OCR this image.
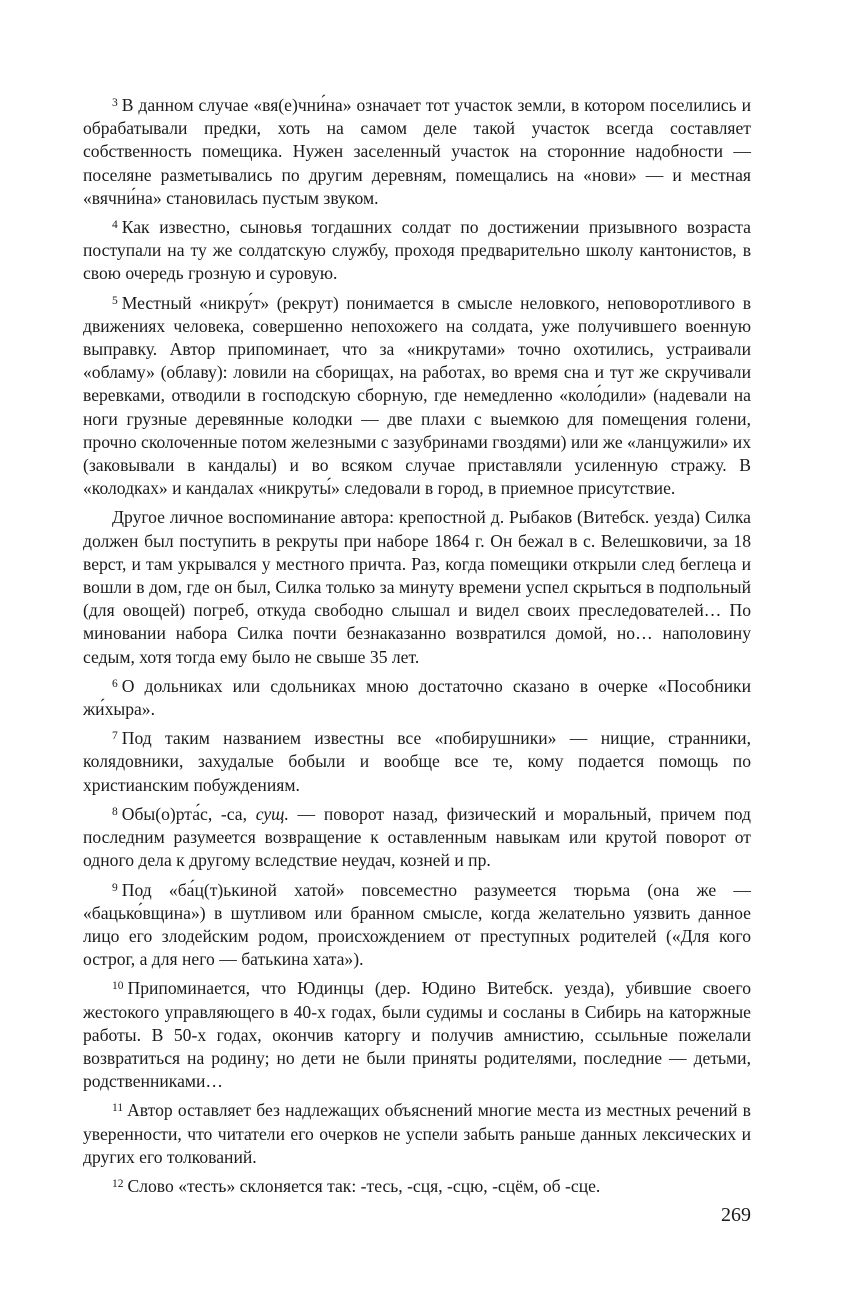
$^3$ В данном случае «вя(е)чни́на» означает тот участок земли, в котором поселились и обрабатывали предки, хоть на самом деле такой участок всегда составляет собственность помещика. Нужен заселенный участок на сторонние надобности — поселяне разметывались по другим деревням, помещались на «нови» — и местная «вячни́на» становилась пустым звуком.

$^4$ Как известно, сыновья тогдашних солдат по достижении призывного возраста поступали на ту же солдатскую службу, проходя предварительно школу кантонистов, в свою очередь грозную и суровую.

$^5$ Местный «никру́т» (рекрут) понимается в смысле неловкого, неповоротливого в движениях человека, совершенно непохожего на солдата, уже получившего военную выправку. Автор припоминает, что за «никрутами» точно охотились, устраивали «обламу» (облаву): ловили на сборищах, на работах, во время сна и тут же скручивали веревками, отводили в господскую сборную, где немедленно «коло́дили» (надевали на ноги грузные деревянные колодки — две плахи с выемкою для помещения голени, прочно сколоченные потом железными с зазубринами гвоздями) или же «ланцужили» их (заковывали в кандалы) и во всяком случае приставляли усиленную стражу. В «колодках» и кандалах «никруты́» следовали в город, в приемное присутствие.

Другое личное воспоминание автора: крепостной д. Рыбаков (Витебск. уезда) Силка должен был поступить в рекруты при наборе 1864 г. Он бежал в с. Велешковичи, за 18 верст, и там укрывался у местного причта. Раз, когда помещики открыли след беглеца и вошли в дом, где он был, Силка только за минуту времени успел скрыться в подпольный (для овощей) погреб, откуда свободно слышал и видел своих преследователей… По миновании набора Силка почти безнаказанно возвратился домой, но… наполовину седым, хотя тогда ему было не свыше 35 лет.

$^6$ О дольниках или сдольниках мною достаточно сказано в очерке «Пособники жи́хыра».

$^7$ Под таким названием известны все «побирушники» — нищие, странники, колядовники, захудалые бобыли и вообще все те, кому подается помощь по христианским побуждениям.

$^8$ Обы(о)рта́с, -са, сущ. — поворот назад, физический и моральный, причем под последним разумеется возвращение к оставленным навыкам или крутой поворот от одного дела к другому вследствие неудач, козней и пр.

$^9$ Под «ба́ц(т)ькиной хатой» повсеместно разумеется тюрьма (она же — «бацько́вщина») в шутливом или бранном смысле, когда желательно уязвить данное лицо его злодейским родом, происхождением от преступных родителей («Для кого острог, а для него — батькина хата»).

$^{10}$ Припоминается, что Юдинцы (дер. Юдино Витебск. уезда), убившие своего жестокого управляющего в 40-х годах, были судимы и сосланы в Сибирь на каторжные работы. В 50-х годах, окончив каторгу и получив амнистию, ссыльные пожелали возвратиться на родину; но дети не были приняты родителями, последние — детьми, родственниками…

$^{11}$ Автор оставляет без надлежащих объяснений многие места из местных речений в уверенности, что читатели его очерков не успели забыть раньше данных лексических и других его толкований.

$^{12}$ Слово «тесть» склоняется так: -тесь, -сця, -сцю, -сцём, об -сце.

269
